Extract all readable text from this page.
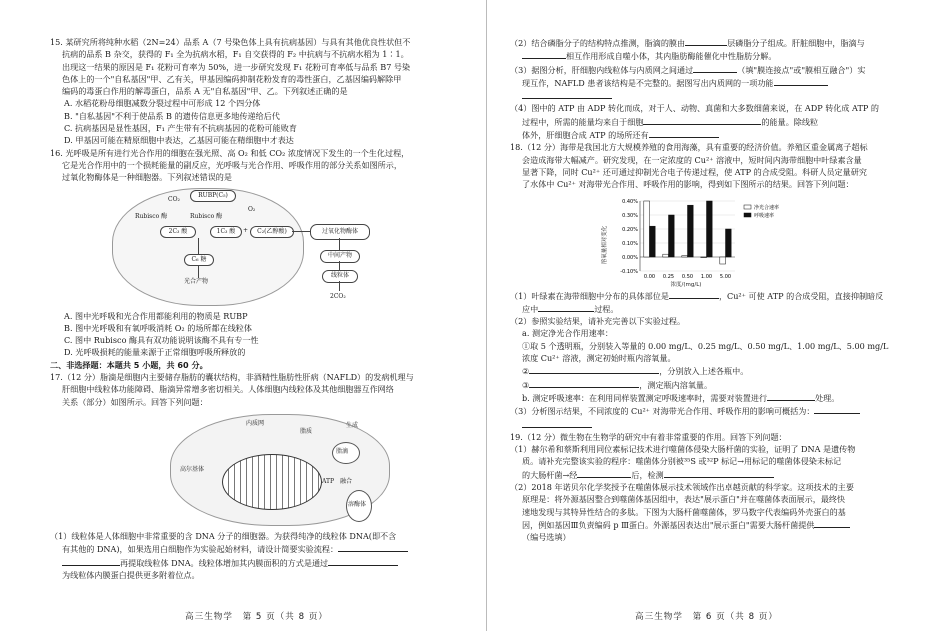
15. 某研究所将纯种水稻（2N=24）品系 A（7 号染色体上具有抗病基因）与具有其他优良性状但不

抗病的品系 B 杂交，获得的 F₁ 全为抗病水稻，F₁ 自交获得的 F₂ 中抗病与不抗病水稻为 1∶1。

出现这一结果的原因是 F₁ 花粉可育率为 50%，进一步研究发现 F₁ 花粉可育率低与品系 B7 号染

色体上的一个"自私基因"甲、乙有关，甲基因编码抑制花粉发育的毒性蛋白，乙基因编码解除甲

编码的毒蛋白作用的解毒蛋白，品系 A 无"自私基因"甲、乙。下列叙述正确的是

A. 水稻花粉母细胞减数分裂过程中可形成 12 个四分体

B. "自私基因"不利于使品系 B 的遗传信息更多地传递给后代

C. 抗病基因是显性基因，F₁ 产生带有不抗病基因的花粉可能败育

D. 甲基因可能在精原细胞中表达，乙基因可能在精细胞中才表达

16. 光呼吸是所有进行光合作用的细胞在强光照、高 O₂ 和低 CO₂ 浓度情况下发生的一个生化过程，

它是光合作用中的一个损耗能量的副反应，光呼吸与光合作用、呼吸作用的部分关系如图所示，

过氧化物酶体是一种细胞器。下列叙述错误的是

CO₂
RUBP(C₅)
O₂
Rubisco 酶	Rubisco 酶
2C₃ 酸	1C₃ 酸	+	C₂(乙醇酸)
C₆ 糖
光合产物
过氧化物酶体
中间产物
线粒体
2CO₂

A. 图中光呼吸和光合作用都能利用的物质是 RUBP

B. 图中光呼吸和有氧呼吸消耗 O₂ 的场所都在线粒体

C. 图中 Rubisco 酶具有双功能说明该酶不具有专一性

D. 光呼吸损耗的能量来源于正常细胞呼吸所释放的

二、非选择题：本题共 5 小题，共 60 分。

17.（12 分）脂滴是细胞内主要储存脂肪的囊状结构，非酒精性脂肪性肝病（NAFLD）的发病机理与

肝细胞中线粒体功能障碍、脂滴异常增多密切相关。人体细胞内线粒体及其他细胞器互作网络

关系（部分）如图所示。回答下列问题：

内质网
脂质
生成
高尔基体
脂滴
ATP 融合
溶酶体

（1）线粒体是人体细胞中非常重要的含 DNA 分子的细胞器。为获得纯净的线粒体 DNA(即不含

有其他的 DNA)，如果选用白细胞作为实验起始材料，请设计简要实验流程：

再提取线粒体 DNA。线粒体增加其内膜面积的方式是通过

为线粒体内膜蛋白提供更多附着位点。

高三生物学　第 5 页（共 8 页）

（2）结合磷脂分子的结构特点推测，脂滴的膜由	层磷脂分子组成。肝脏细胞中，脂滴与

相互作用形成自噬小体，其内脂肪酶能催化中性脂肪分解。

（3）据图分析，肝细胞内线粒体与内质网之间通过	（填"膜连接点"或"膜相互融合"）实

现互作，NAFLD 患者该结构是不完整的。据图写出内质网的一项功能

（4）图中的 ATP 由 ADP 转化而成，对于人、动物、真菌和大多数细菌来说，在 ADP 转化成 ATP 的

过程中，所需的能量均来自于细胞	的能量。除线粒

体外，肝细胞合成 ATP 的场所还有

18.（12 分）海带是我国北方大规模养殖的食用海藻，具有重要的经济价值。养殖区重金属离子超标

会造成海带大幅减产。研究发现，在一定浓度的 Cu²⁺ 溶液中，短时间内海带细胞中叶绿素含量

显著下降，同时 Cu²⁺ 还可通过抑制光合电子传递过程，使 ATP 的合成受阻。科研人员定量研究

了水体中 Cu²⁺ 对海带光合作用、呼吸作用的影响，得到如下图所示的结果。回答下列问题：

溶氧量相对变化
0.40%
0.30%
0.20%
0.10%
0.00%
-0.10%
0.00 0.25 0.50 1.00 5.00
浓度/(mg/L)
净光合速率
呼吸速率

（1）叶绿素在海带细胞中分布的具体部位是	，Cu²⁺ 可使 ATP 的合成受阻，直接抑制暗反

应中	过程。

（2）参照实验结果，请补充完善以下实验过程。

a. 测定净光合作用速率：

①取 5 个透明瓶，分别装入等量的 0.00 mg/L、0.25 mg/L、0.50 mg/L、1.00 mg/L、5.00 mg/L

浓度 Cu²⁺ 溶液，测定初始时瓶内溶氧量。

②	，分别放入上述各瓶中。

③	，测定瓶内溶氧量。

b. 测定呼吸速率：在利用同样装置测定呼吸速率时，需要对装置进行	处理。

（3）分析图示结果，不同浓度的 Cu²⁺ 对海带光合作用、呼吸作用的影响可概括为：

19.（12 分）微生物在生物学的研究中有着非常重要的作用。回答下列问题：

（1）赫尔希和蔡斯利用同位素标记技术进行噬菌体侵染大肠杆菌的实验，证明了 DNA 是遗传物

质。请补充完整该实验的程序：噬菌体分别被³⁵S 或³²P 标记→用标记的噬菌体侵染未标记

的大肠杆菌→经	后，检测

（2）2018 年诺贝尔化学奖授予在噬菌体展示技术领域作出卓越贡献的科学家。这项技术的主要

原理是：将外源基因整合到噬菌体基因组中，表达"展示蛋白"并在噬菌体表面展示，最终快

速地发现与其特异性结合的多肽。下图为大肠杆菌噬菌体，罗马数字代表编码外壳蛋白的基

因，例如基因Ⅲ负责编码 p Ⅲ蛋白。外源基因表达出"展示蛋白"需要大肠杆菌提供

（编号选填）

高三生物学　第 6 页（共 8 页）
